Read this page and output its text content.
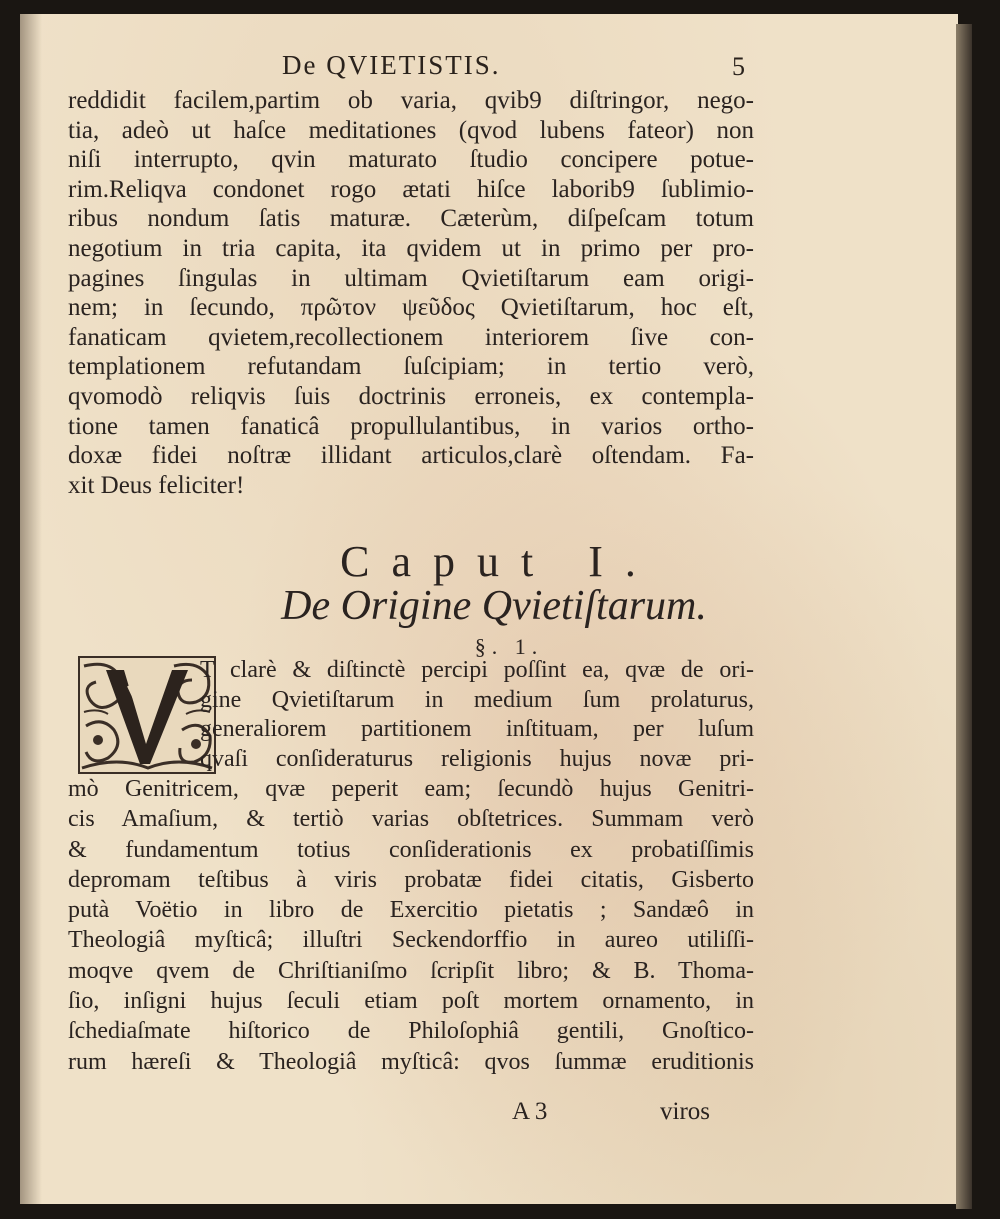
De QVIETISTIS.	5
reddidit facilem,partim ob varia, qvib9 diſtringor, nego-
tia, adeò ut haſce meditationes (qvod lubens fateor) non
niſi interrupto, qvin maturato ſtudio concipere potue-
rim.Reliqva condonet rogo ætati hiſce laborib9 ſublimio-
ribus nondum ſatis maturæ. Cæterùm, diſpeſcam totum
negotium in tria capita, ita qvidem ut in primo per pro-
pagines ſingulas in ultimam Qvietiſtarum eam origi-
nem; in ſecundo, πρῶτον ψεῦδος Qvietiſtarum, hoc eſt,
fanaticam qvietem,recollectionem interiorem ſive con-
templationem refutandam ſuſcipiam; in tertio verò,
qvomodò reliqvis ſuis doctrinis erroneis, ex contempla-
tione tamen fanaticâ propullulantibus, in varios ortho-
doxæ fidei noſtræ illidant articulos,clarè oſtendam. Fa-
xit Deus feliciter!
Caput I.
De Origine Qvietiſtarum.
§. 1.
T clarè & diſtinctè percipi poſſint ea, qvæ de ori-
gine Qvietiſtarum in medium ſum prolaturus,
generaliorem partitionem inſtituam, per luſum
qvaſi conſideraturus religionis hujus novæ pri-
mò Genitricem, qvæ peperit eam; ſecundò hujus Genitri-
cis Amaſium, & tertiò varias obſtetrices. Summam verò
& fundamentum totius conſiderationis ex probatiſſimis
depromam teſtibus à viris probatæ fidei citatis, Gisberto
putà Voëtio in libro de Exercitio pietatis ; Sandæô in
Theologiâ myſticâ; illuſtri Seckendorffio in aureo utiliſſi-
moqve qvem de Chriſtianiſmo ſcripſit libro; & B. Thoma-
ſio, inſigni hujus ſeculi etiam poſt mortem ornamento, in
ſchediaſmate hiſtorico de Philoſophiâ gentili, Gnoſtico-
rum hæreſi & Theologiâ myſticâ: qvos ſummæ eruditionis
A 3	viros
